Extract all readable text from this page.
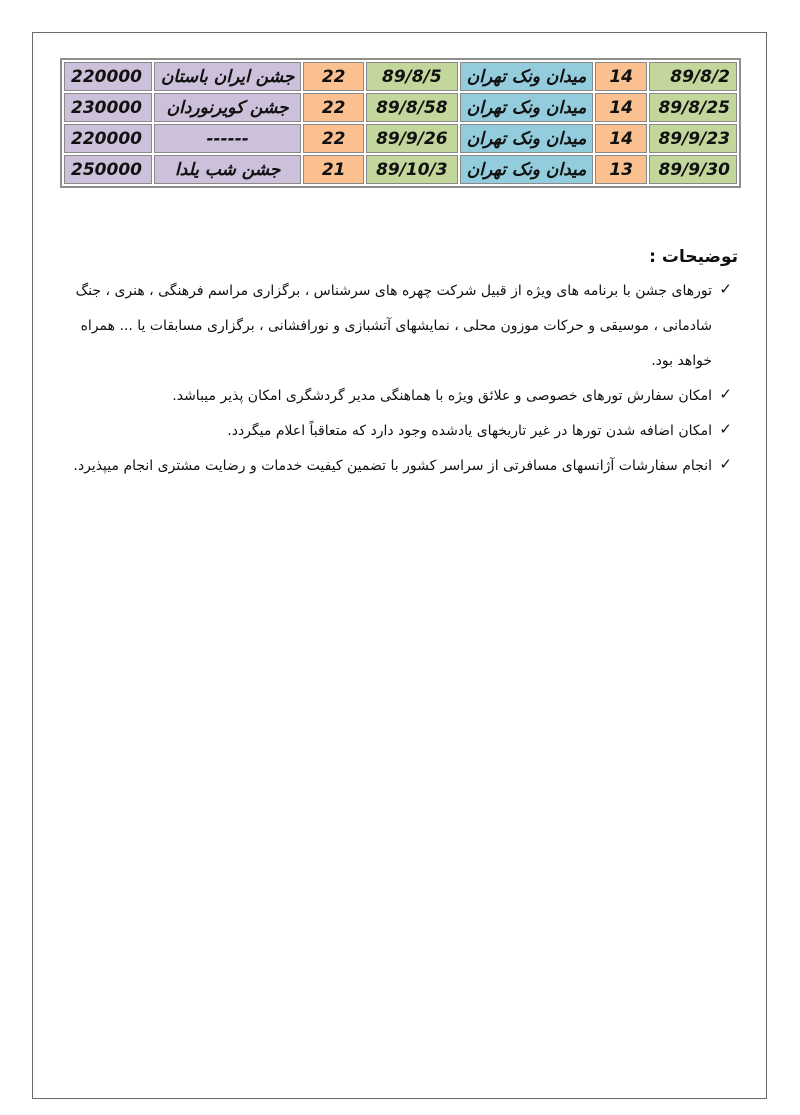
220000	جشن ایران باستان	22	89/8/5	میدان ونک تهران	14	89/8/2
230000	جشن کویرنوردان	22	89/8/58	میدان ونک تهران	14	89/8/25
220000	------	22	89/9/26	میدان ونک تهران	14	89/9/23
250000	جشن شب یلدا	21	89/10/3	میدان ونک تهران	13	89/9/30

توضیحات :

✓
تورهای جشن با برنامه های ویژه از قبیل شرکت چهره های سرشناس ، برگزاری مراسم فرهنگی ، هنری ، جنگ شادمانی ، موسیقی و حرکات موزون محلی ، نمایشهای آتشبازی و نورافشانی ، برگزاری مسابقات یا ... همراه خواهد بود.
✓
امکان سفارش تورهای خصوصی و علائق ویژه با هماهنگی مدیر گردشگری امکان پذیر میباشد.
✓
امکان اضافه شدن تورها در غیر تاریخهای یادشده وجود دارد که متعاقباً اعلام میگردد.
✓
انجام سفارشات آژانسهای مسافرتی از سراسر کشور با تضمین کیفیت خدمات و رضایت مشتری انجام میپذیرد.
